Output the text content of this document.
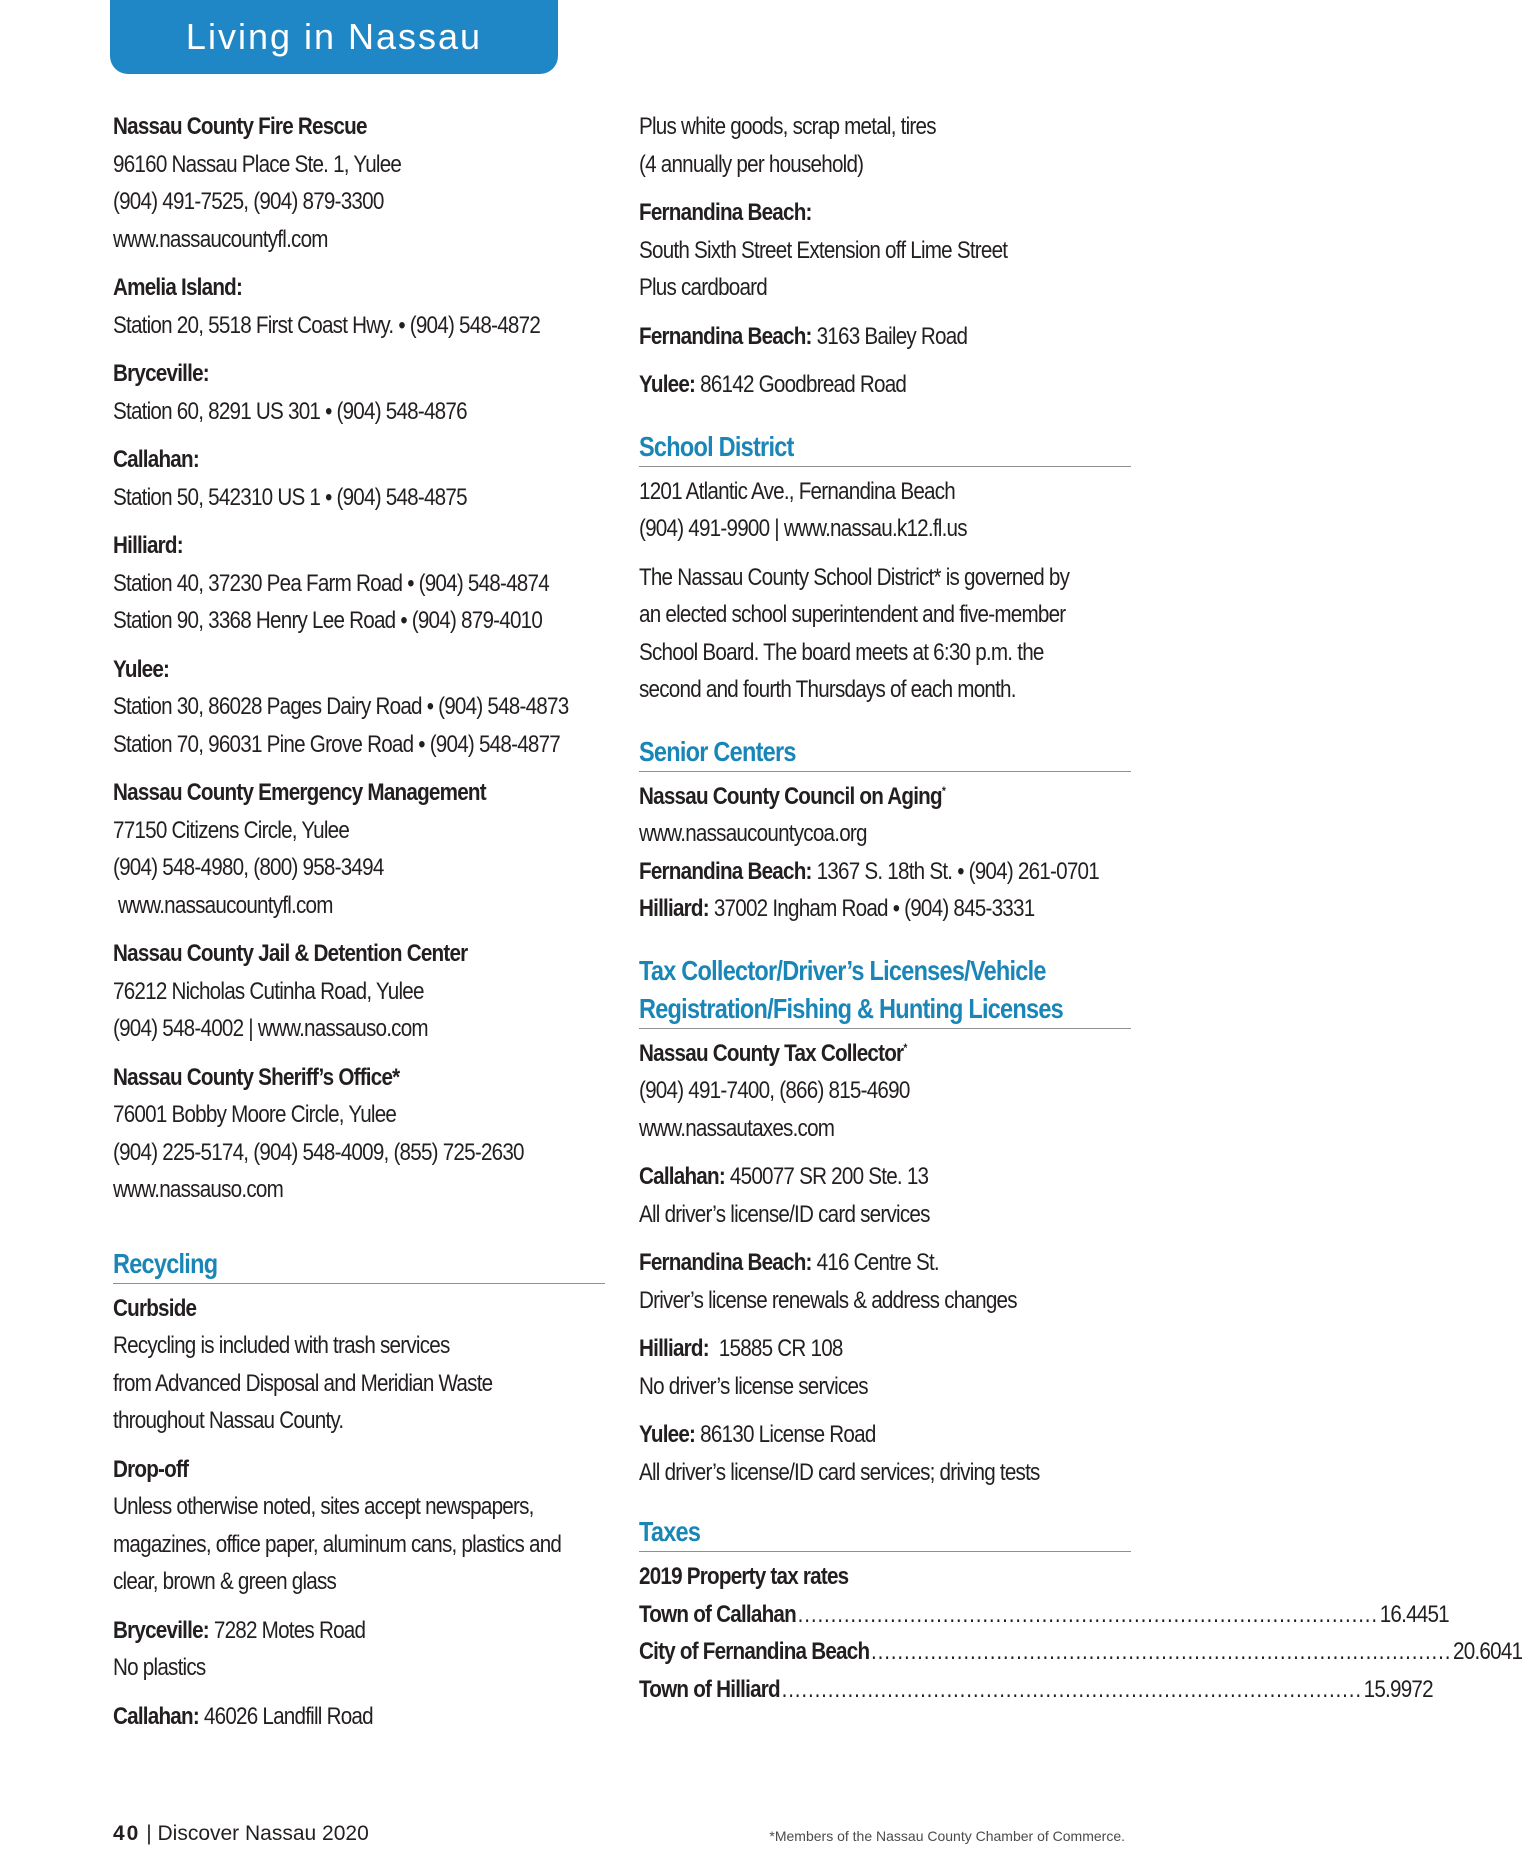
Living in Nassau
Nassau County Fire Rescue
96160 Nassau Place Ste. 1, Yulee
(904) 491-7525, (904) 879-3300
www.nassaucountyfl.com
Amelia Island:
Station 20, 5518 First Coast Hwy. • (904) 548-4872
Bryceville:
Station 60, 8291 US 301 • (904) 548-4876
Callahan:
Station 50, 542310 US 1 • (904) 548-4875
Hilliard:
Station 40, 37230 Pea Farm Road • (904) 548-4874
Station 90, 3368 Henry Lee Road • (904) 879-4010
Yulee:
Station 30, 86028 Pages Dairy Road • (904) 548-4873
Station 70, 96031 Pine Grove Road • (904) 548-4877
Nassau County Emergency Management
77150 Citizens Circle, Yulee
(904) 548-4980, (800) 958-3494
www.nassaucountyfl.com
Nassau County Jail & Detention Center
76212 Nicholas Cutinha Road, Yulee
(904) 548-4002 | www.nassauso.com
Nassau County Sheriff’s Office*
76001 Bobby Moore Circle, Yulee
(904) 225-5174, (904) 548-4009, (855) 725-2630
www.nassauso.com
Recycling
Curbside
Recycling is included with trash services
from Advanced Disposal and Meridian Waste
throughout Nassau County.
Drop-off
Unless otherwise noted, sites accept newspapers,
magazines, office paper, aluminum cans, plastics and
clear, brown & green glass
Bryceville: 7282 Motes Road
No plastics
Callahan: 46026 Landfill Road
Plus white goods, scrap metal, tires
(4 annually per household)
Fernandina Beach:
South Sixth Street Extension off Lime Street
Plus cardboard
Fernandina Beach: 3163 Bailey Road
Yulee: 86142 Goodbread Road
School District
1201 Atlantic Ave., Fernandina Beach
(904) 491-9900 | www.nassau.k12.fl.us
The Nassau County School District* is governed by
an elected school superintendent and five-member
School Board. The board meets at 6:30 p.m. the
second and fourth Thursdays of each month.
Senior Centers
Nassau County Council on Aging*
www.nassaucountycoa.org
Fernandina Beach: 1367 S. 18th St. • (904) 261-0701
Hilliard: 37002 Ingham Road • (904) 845-3331
Tax Collector/Driver’s Licenses/Vehicle
Registration/Fishing & Hunting Licenses
Nassau County Tax Collector*
(904) 491-7400, (866) 815-4690
www.nassautaxes.com
Callahan: 450077 SR 200 Ste. 13
All driver’s license/ID card services
Fernandina Beach: 416 Centre St.
Driver’s license renewals & address changes
Hilliard:  15885 CR 108
No driver’s license services
Yulee: 86130 License Road
All driver’s license/ID card services; driving tests
Taxes
2019 Property tax rates
Town of Callahan ........................................................................................ 16.4451
City of Fernandina Beach ........................................................................................ 20.6041
Town of Hilliard ........................................................................................ 15.9972
40 | Discover Nassau 2020	*Members of the Nassau County Chamber of Commerce.
